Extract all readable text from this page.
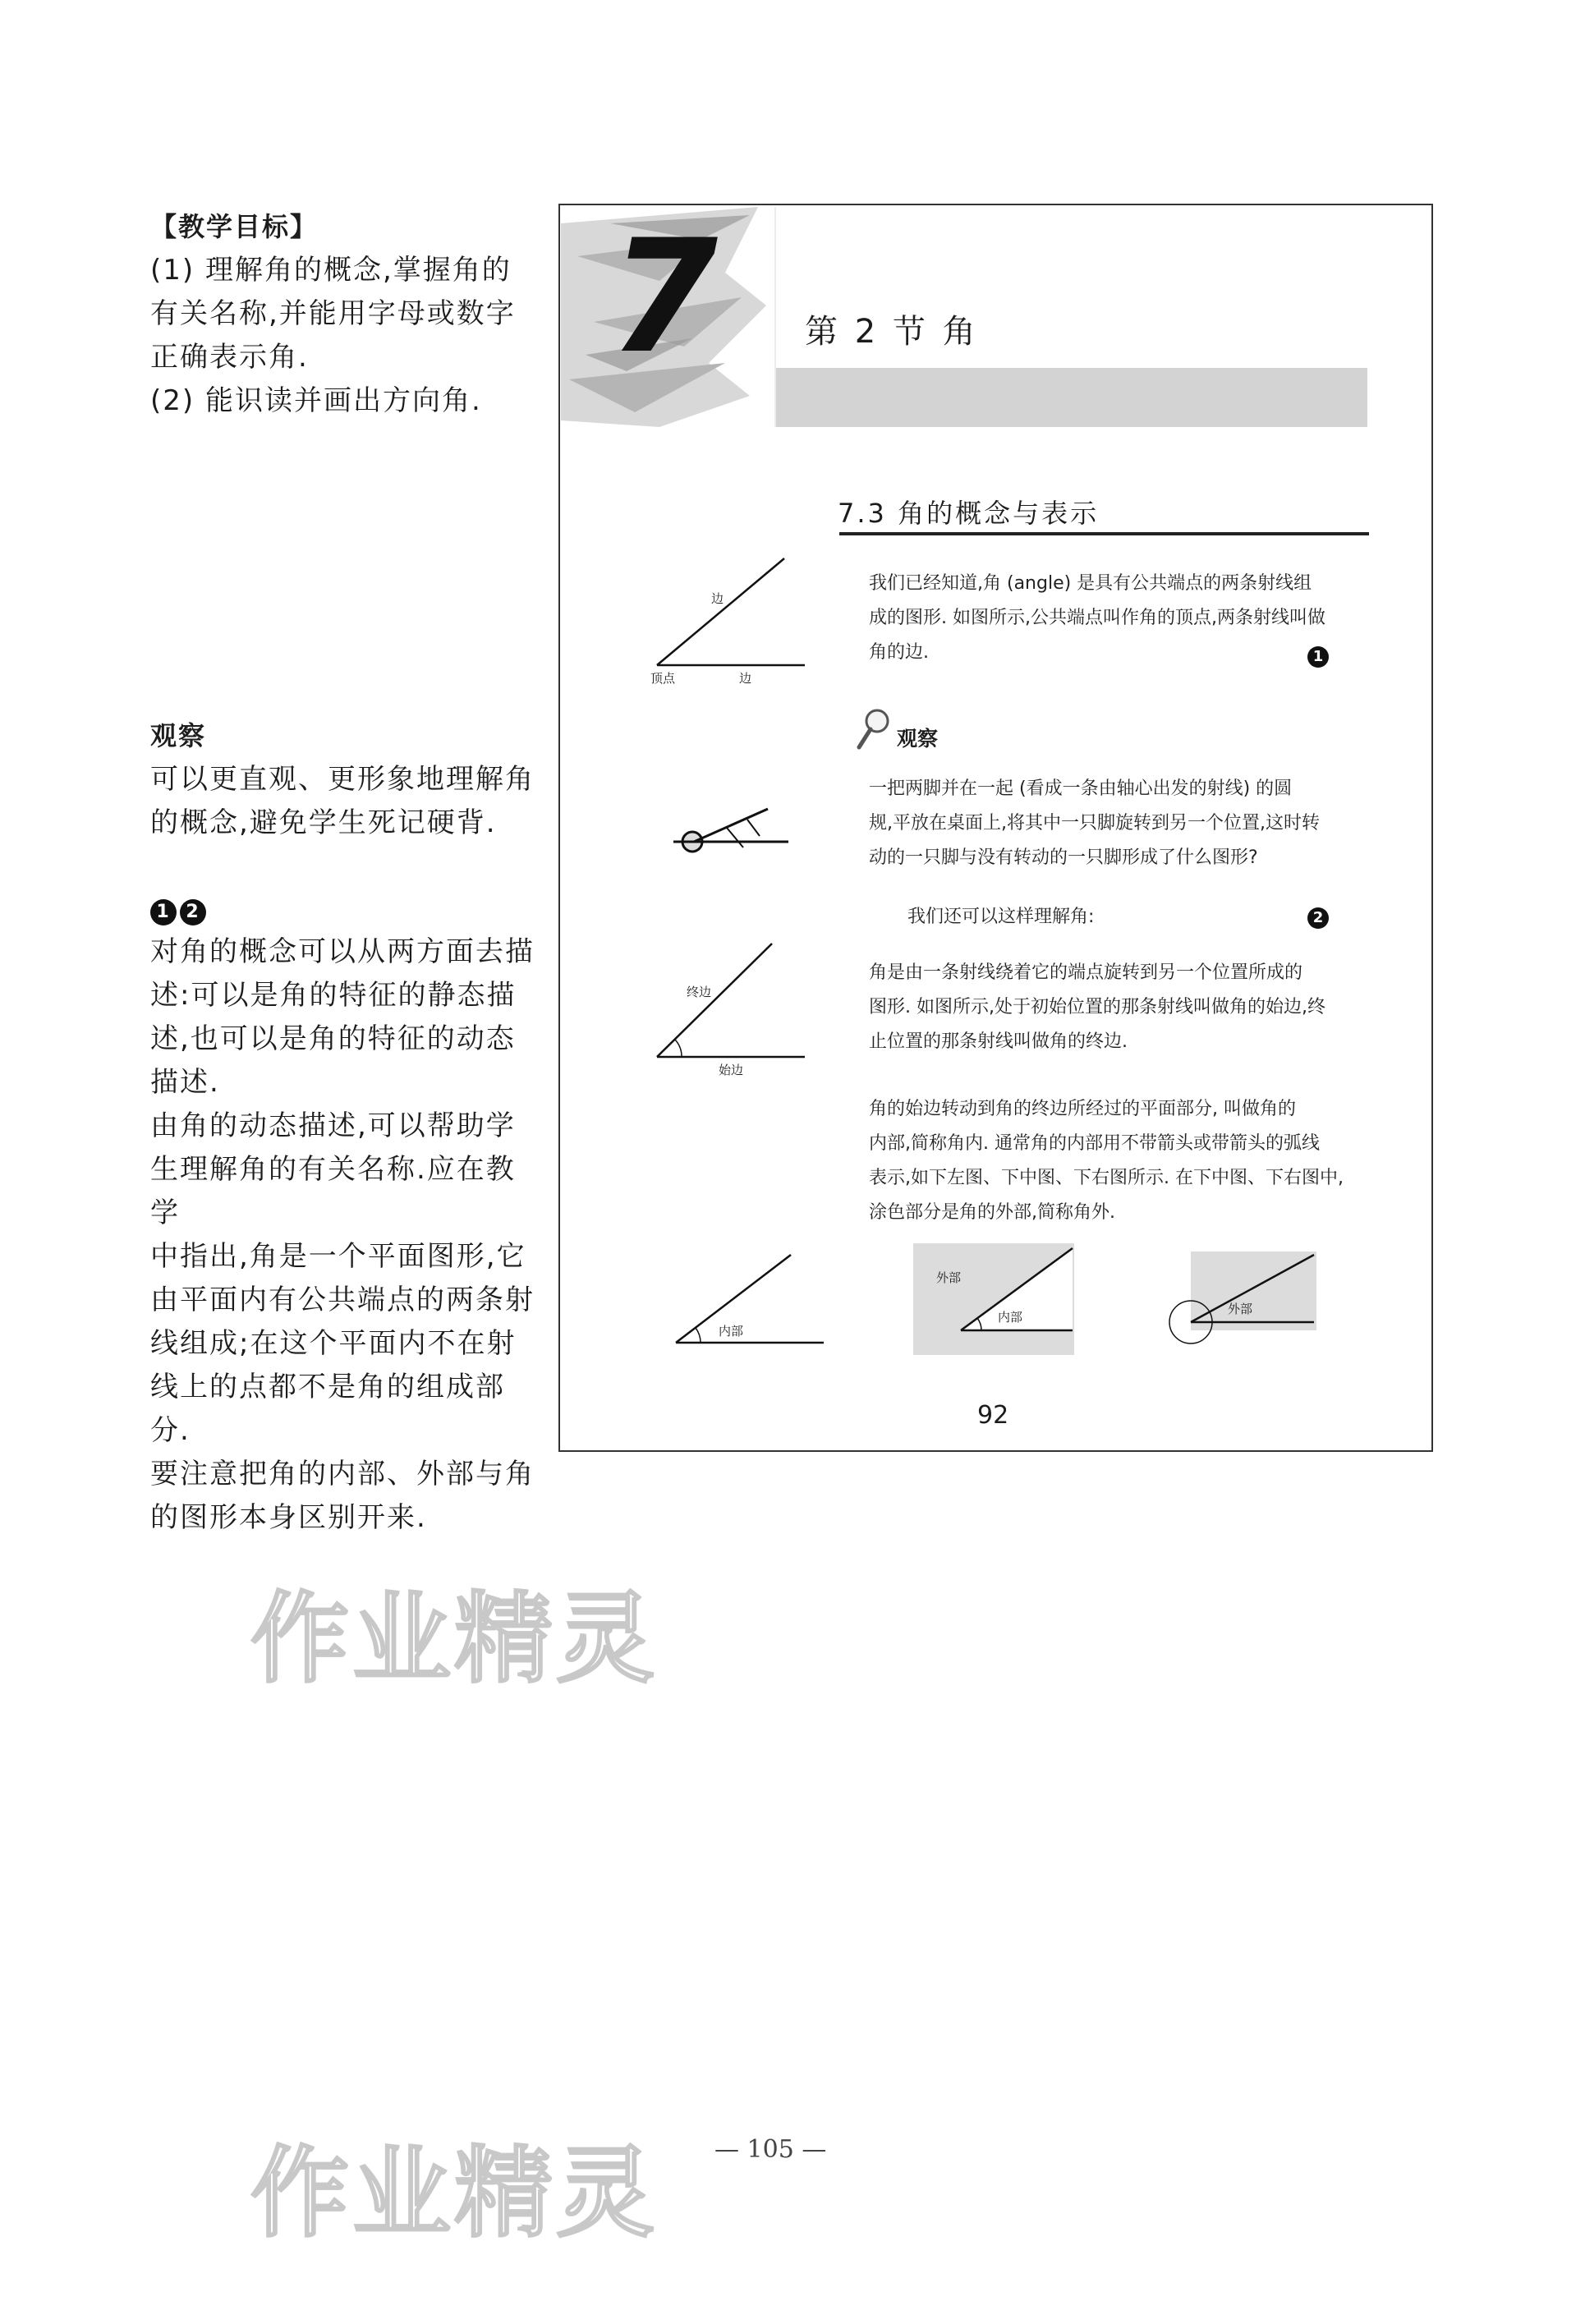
【教学目标】

(1) 理解角的概念,掌握角的

有关名称,并能用字母或数字

正确表示角.

(2) 能识读并画出方向角.

观察

可以更直观、更形象地理解角

的概念,避免学生死记硬背.

1 2

对角的概念可以从两方面去描

述:可以是角的特征的静态描

述,也可以是角的特征的动态

描述.

由角的动态描述,可以帮助学

生理解角的有关名称.应在教学

中指出,角是一个平面图形,它

由平面内有公共端点的两条射

线组成;在这个平面内不在射

线上的点都不是角的组成部分.

要注意把角的内部、外部与角

的图形本身区别开来.

7	第 2 节 角
7.3 角的概念与表示

我们已经知道,角 (angle) 是具有公共端点的两条射线组

成的图形. 如图所示,公共端点叫作角的顶点,两条射线叫做

角的边.	1
边
顶点	边
观察

一把两脚并在一起 (看成一条由轴心出发的射线) 的圆

规,平放在桌面上,将其中一只脚旋转到另一个位置,这时转

动的一只脚与没有转动的一只脚形成了什么图形?

我们还可以这样理解角:	2

角是由一条射线绕着它的端点旋转到另一个位置所成的

图形. 如图所示,处于初始位置的那条射线叫做角的始边,终

止位置的那条射线叫做角的终边.

终边
始边

角的始边转动到角的终边所经过的平面部分, 叫做角的

内部,简称角内. 通常角的内部用不带箭头或带箭头的弧线

表示,如下左图、下中图、下右图所示. 在下中图、下右图中,

涂色部分是角的外部,简称角外.

内部
外部
内部
外部
92
作业精灵
作业精灵 — 105 —
